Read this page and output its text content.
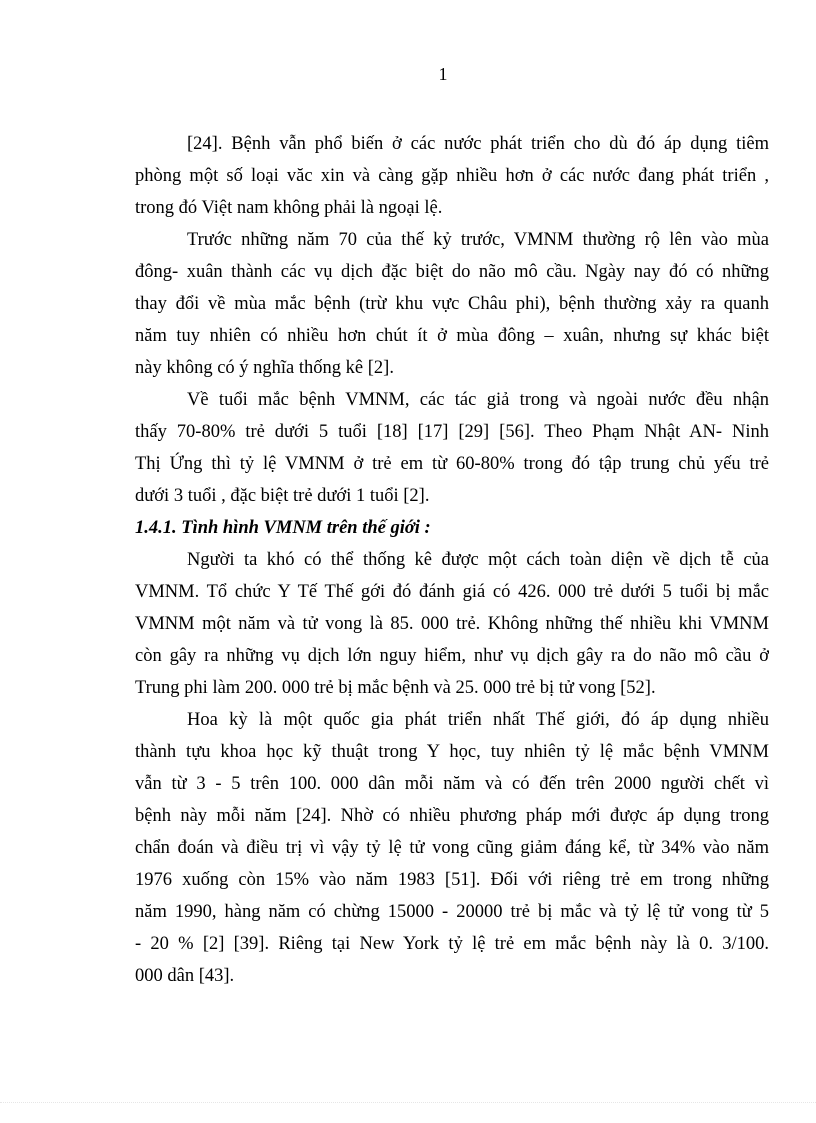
1
[24]. Bệnh vẫn phổ biến ở các nước phát triển cho dù đó áp dụng tiêm
phòng một số loại văc xin và càng gặp nhiều hơn ở các nước đang phát triển ,
trong đó Việt nam không phải là ngoại lệ.
Trước những năm 70 của thế kỷ trước, VMNM thường rộ lên vào mùa
đông- xuân thành các vụ dịch đặc biệt do não mô cầu. Ngày nay đó có những
thay đổi về mùa mắc bệnh (trừ khu vực Châu phi), bệnh thường xảy ra quanh
năm tuy nhiên có nhiều hơn chút ít ở mùa đông – xuân, nhưng sự khác biệt
này không có ý nghĩa thống kê [2].
Về tuổi mắc bệnh VMNM, các tác giả trong và ngoài nước đều nhận
thấy 70-80% trẻ dưới 5 tuổi [18] [17] [29] [56]. Theo Phạm Nhật AN- Ninh
Thị Ứng thì tỷ lệ VMNM ở trẻ em từ 60-80% trong đó tập trung chủ yếu trẻ
dưới 3 tuổi , đặc biệt trẻ dưới 1 tuổi [2].
1.4.1. Tình hình VMNM trên thế giới :
Người ta khó có thể thống kê được một cách toàn diện về dịch tễ của
VMNM. Tổ chức Y Tế Thế gới đó đánh giá có 426. 000 trẻ dưới 5 tuổi bị mắc
VMNM một năm và tử vong là 85. 000 trẻ. Không những thế nhiều khi VMNM
còn gây ra những vụ dịch lớn nguy hiểm, như vụ dịch gây ra do não mô cầu ở
Trung phi làm 200. 000 trẻ bị mắc bệnh và 25. 000 trẻ bị tử vong [52].
Hoa kỳ là một quốc gia phát triển nhất Thế giới, đó áp dụng nhiều
thành tựu khoa học kỹ thuật trong Y học, tuy nhiên tỷ lệ mắc bệnh VMNM
vẫn từ 3 - 5 trên 100. 000 dân mỗi năm và có đến trên 2000 người chết vì
bệnh này mỗi năm [24]. Nhờ có nhiều phương pháp mới được áp dụng trong
chẩn đoán và điều trị vì vậy tỷ lệ tử vong cũng giảm đáng kể, từ 34% vào năm
1976 xuống còn 15% vào năm 1983 [51]. Đối với riêng trẻ em trong những
năm 1990, hàng năm có chừng 15000 - 20000 trẻ bị mắc và tỷ lệ tử vong từ 5
- 20 % [2] [39]. Riêng tại New York tỷ lệ trẻ em mắc bệnh này là 0. 3/100.
000 dân [43].
